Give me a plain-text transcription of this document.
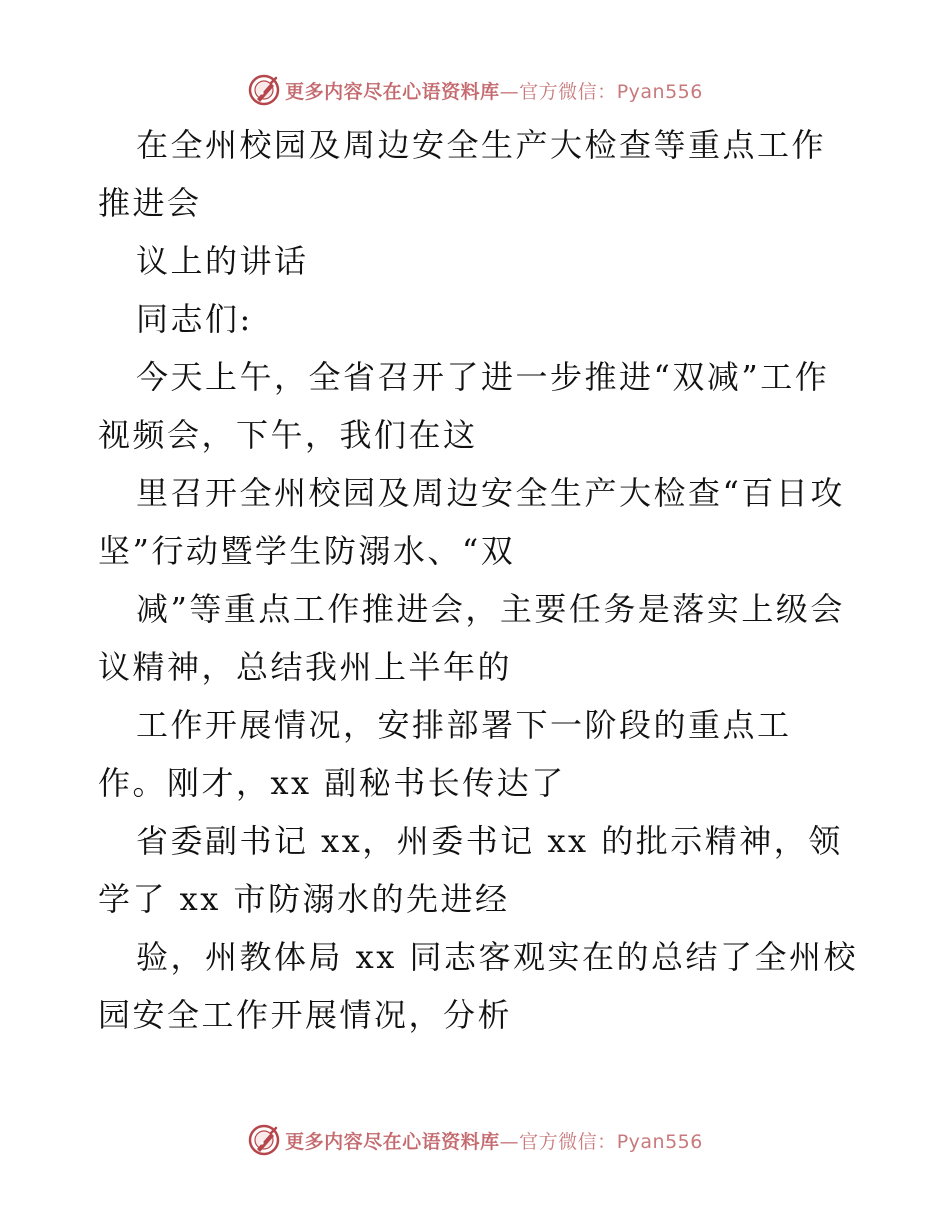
更多内容尽在心语资料库—官方微信：Pyan556

在全州校园及周边安全生产大检查等重点工作推进会

议上的讲话

同志们:

今天上午，全省召开了进一步推进“双减”工作视频会，下午，我们在这

里召开全州校园及周边安全生产大检查“百日攻坚”行动暨学生防溺水、“双

减”等重点工作推进会，主要任务是落实上级会议精神，总结我州上半年的

工作开展情况，安排部署下一阶段的重点工作。刚才，xx 副秘书长传达了

省委副书记 xx，州委书记 xx 的批示精神，领学了 xx 市防溺水的先进经

验，州教体局 xx 同志客观实在的总结了全州校园安全工作开展情况，分析

更多内容尽在心语资料库—官方微信：Pyan556
